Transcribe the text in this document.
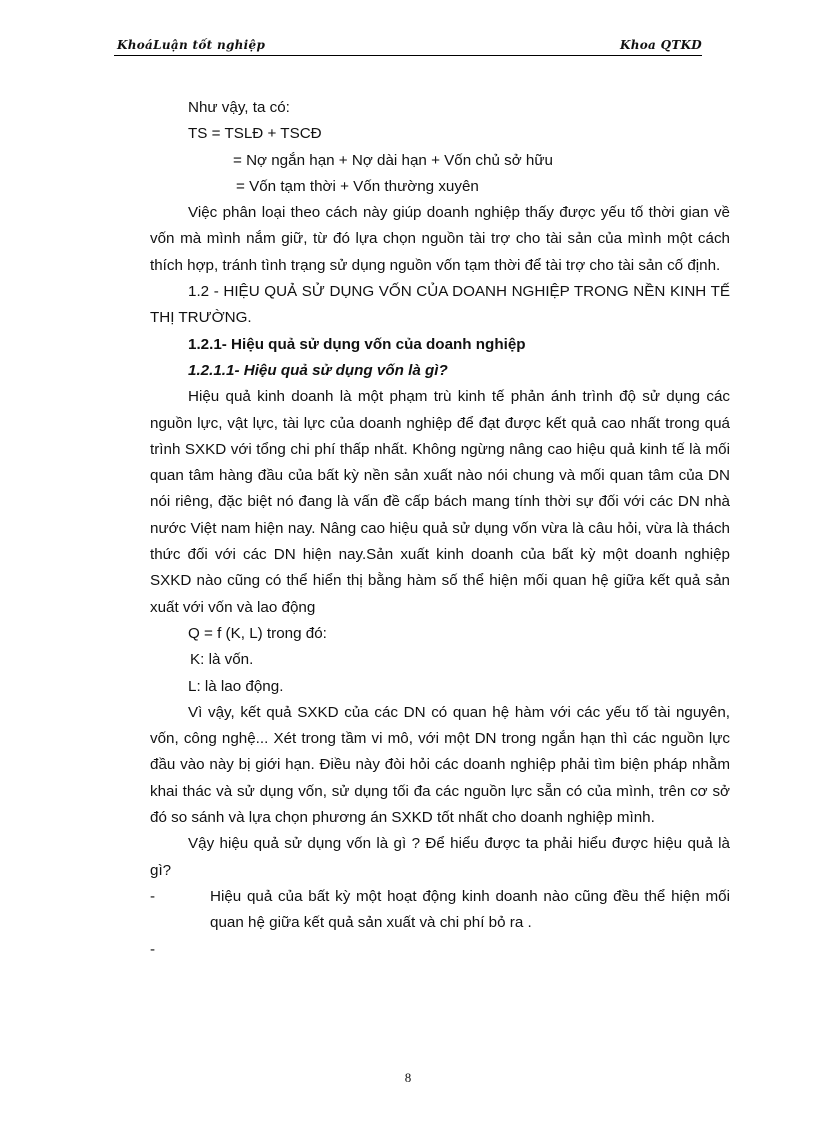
KhoáLuận tốt nghiệp	Khoa QTKD

Như vậy, ta có:

TS = TSLĐ + TSCĐ

= Nợ ngắn hạn + Nợ dài hạn + Vốn chủ sở hữu

= Vốn tạm thời + Vốn thường xuyên

Việc phân loại theo cách này giúp doanh nghiệp thấy được yếu tố thời gian về vốn mà mình nắm giữ, từ đó lựa chọn nguồn tài trợ cho tài sản của mình một cách thích hợp, tránh tình trạng sử dụng nguồn vốn tạm thời để tài trợ cho tài sản cố định.

1.2 - HIỆU QUẢ SỬ DỤNG VỐN CỦA DOANH NGHIỆP TRONG NỀN KINH TẾ THỊ TRƯỜNG.

1.2.1- Hiệu quả sử dụng vốn của doanh nghiệp

1.2.1.1- Hiệu quả sử dụng vốn là gì?

Hiệu quả kinh doanh là một phạm trù kinh tế phản ánh trình độ sử dụng các nguồn lực, vật lực, tài lực của doanh nghiệp để đạt được kết quả cao nhất trong quá trình SXKD với tổng chi phí thấp nhất. Không ngừng nâng cao hiệu quả kinh tế là mối quan tâm hàng đầu của bất kỳ nền sản xuất nào nói chung và mối quan tâm của DN nói riêng, đặc biệt nó đang là vấn đề cấp bách mang tính thời sự đối với các DN nhà nước Việt nam hiện nay. Nâng cao hiệu quả sử dụng vốn vừa là câu hỏi, vừa là thách thức đối với các DN hiện nay.Sản xuất kinh doanh của bất kỳ một doanh nghiệp SXKD nào cũng có thể hiển thị bằng hàm số thể hiện mối quan hệ giữa kết quả sản xuất với vốn và lao động

Q = f (K, L) trong đó:

K: là vốn.

L: là lao động.

Vì vậy, kết quả SXKD của các DN có quan hệ hàm với các yếu tố tài nguyên, vốn, công nghệ... Xét trong tầm vi mô, với một DN trong ngắn hạn thì các nguồn lực đầu vào này bị giới hạn. Điều này đòi hỏi các doanh nghiệp phải tìm biện pháp nhằm khai thác và sử dụng vốn, sử dụng tối đa các nguồn lực sẵn có của mình, trên cơ sở đó so sánh và lựa chọn phương án SXKD tốt nhất cho doanh nghiệp mình.

Vậy hiệu quả sử dụng vốn là gì ? Để hiểu được ta phải hiểu được hiệu quả là gì?

-	Hiệu quả của bất kỳ một hoạt động kinh doanh nào cũng đều thể hiện mối quan hệ giữa kết quả sản xuất và chi phí bỏ ra .
-
8
